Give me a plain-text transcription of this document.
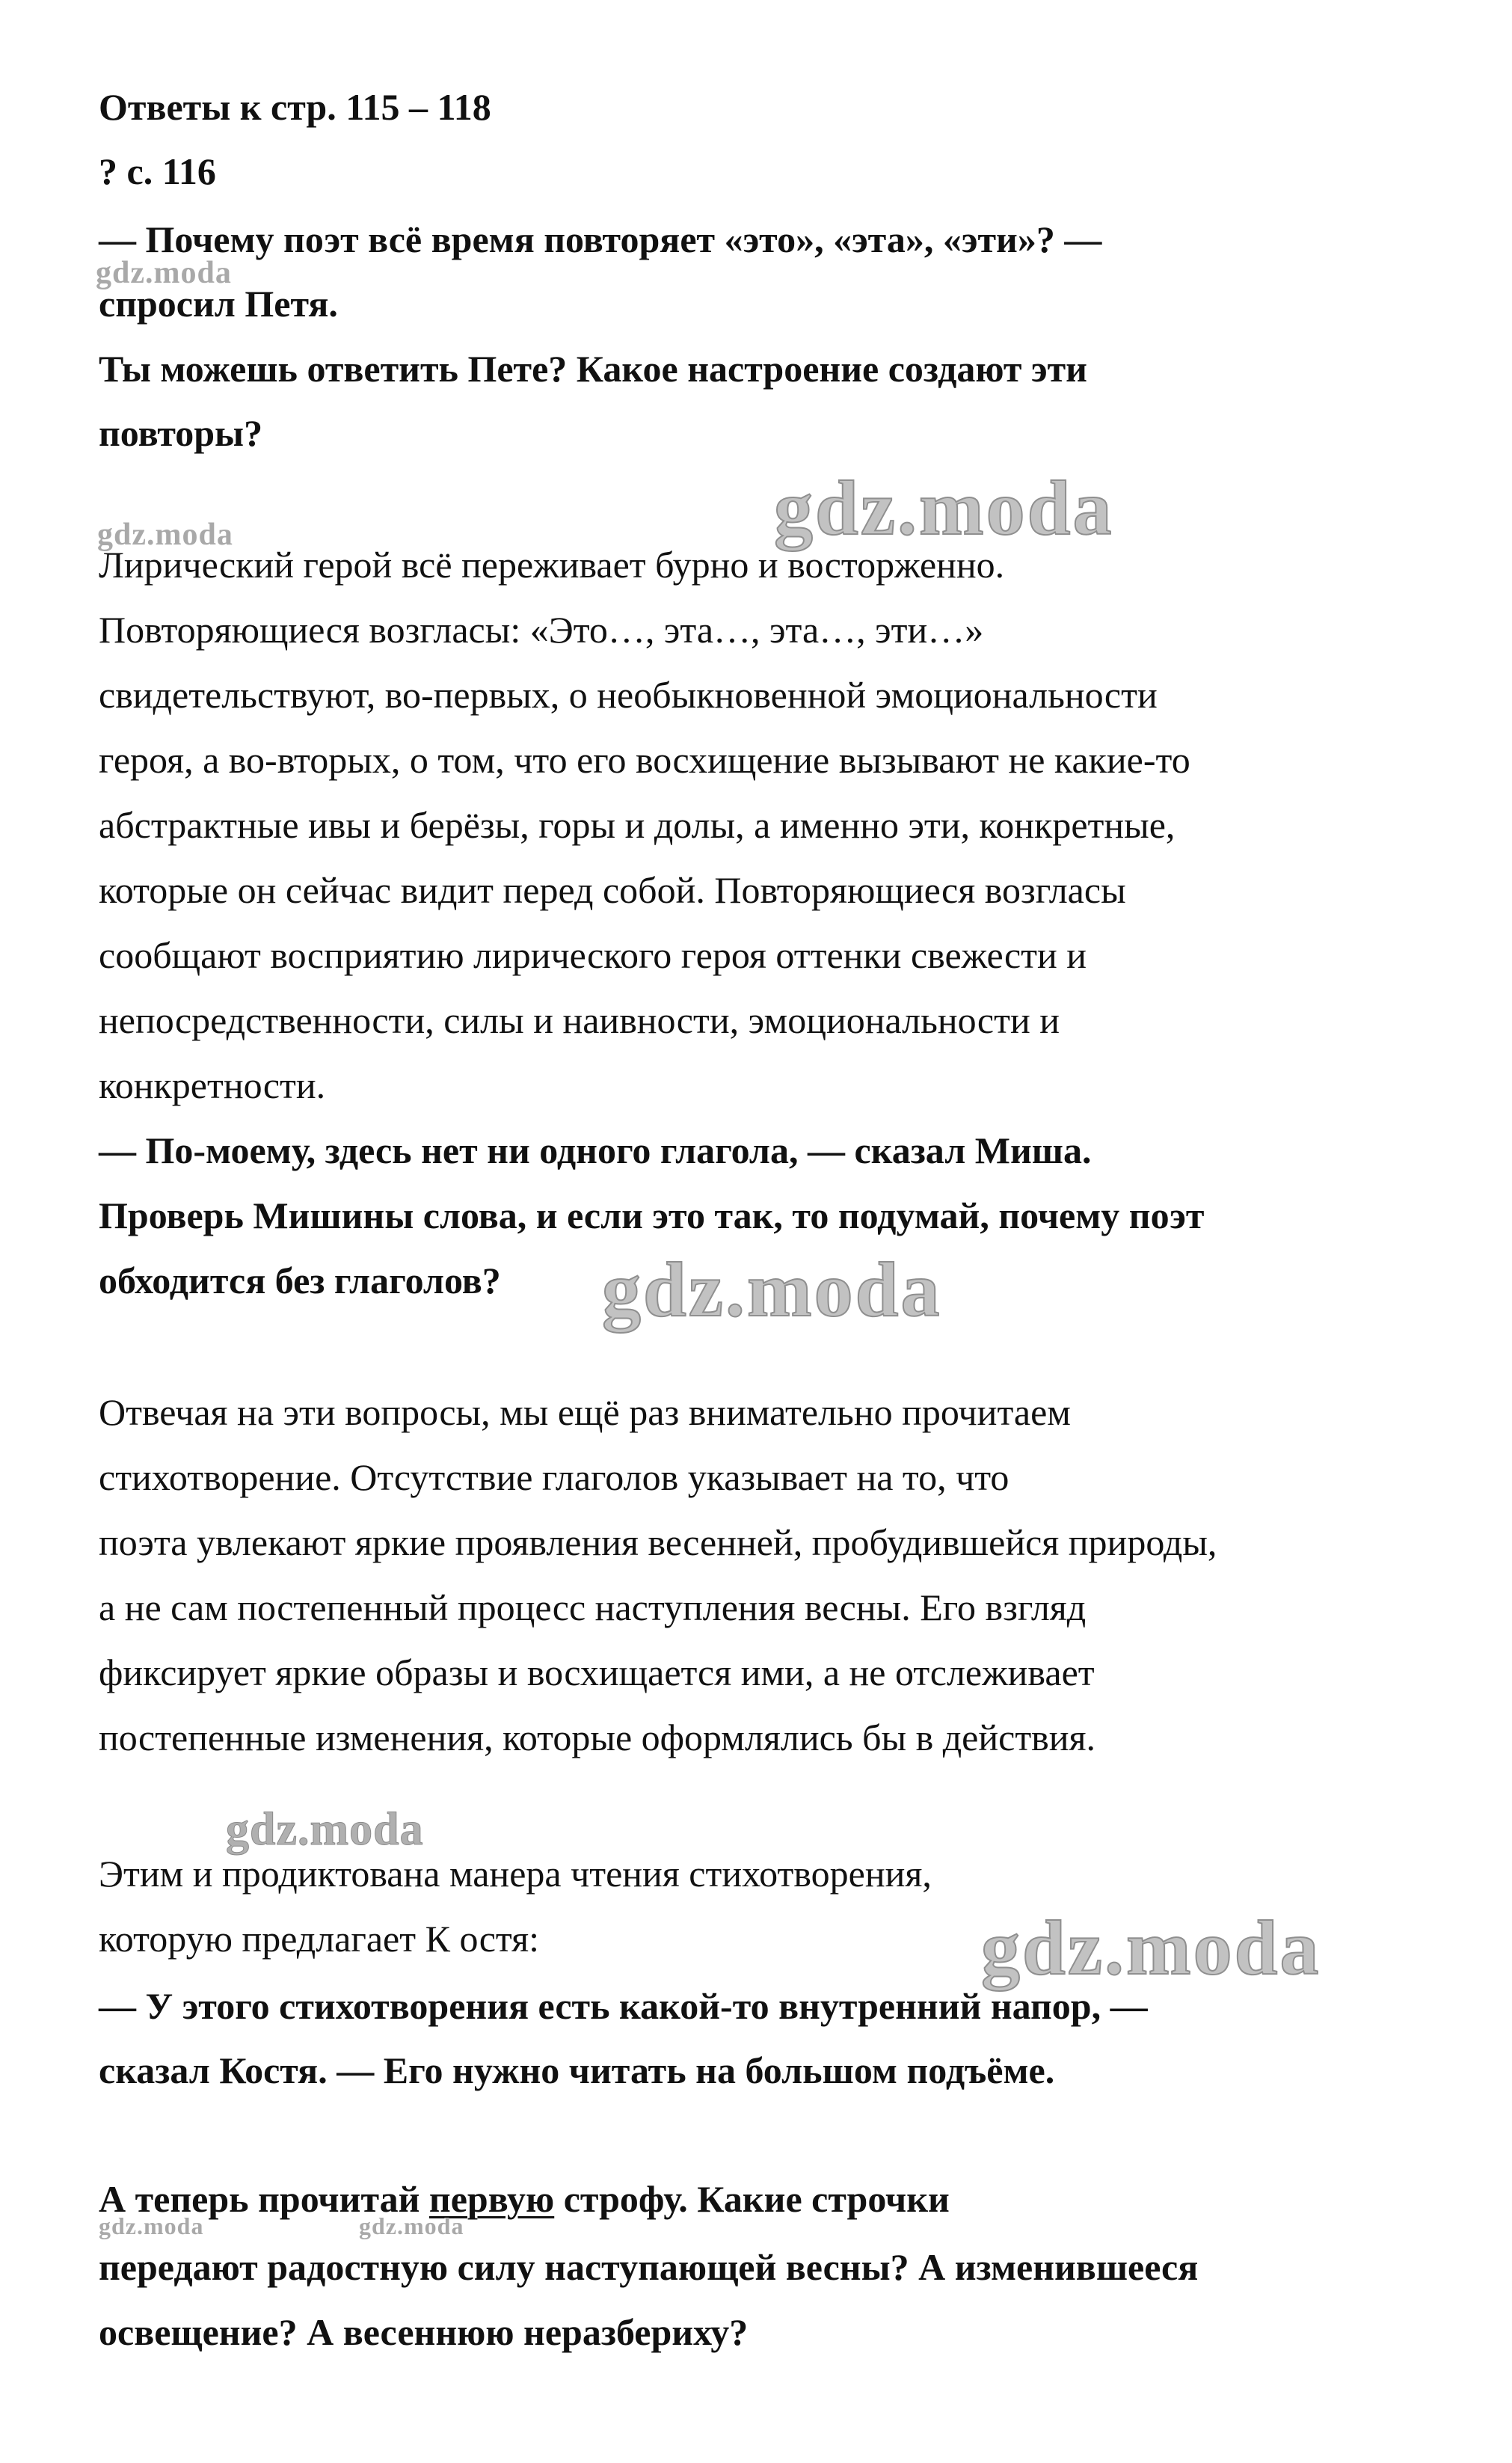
Ответы к стр. 115 – 118
? с. 116
— Почему поэт всё время повторяет «это», «эта», «эти»? —
спросил Петя.
Ты можешь ответить Пете? Какое настроение создают эти
повторы?
Лирический герой всё переживает бурно и восторженно.
Повторяющиеся возгласы: «Это…, эта…, эта…, эти…»
свидетельствуют, во-первых, о необыкновенной эмоциональности
героя, а во-вторых, о том, что его восхищение вызывают не какие-то
абстрактные ивы и берёзы, горы и долы, а именно эти, конкретные,
которые он сейчас видит перед собой. Повторяющиеся возгласы
сообщают восприятию лирического героя оттенки свежести и
непосредственности, силы и наивности, эмоциональности и
конкретности.
— По-моему, здесь нет ни одного глагола, — сказал Миша.
Проверь Мишины слова, и если это так, то подумай, почему поэт
обходится без глаголов?
Отвечая на эти вопросы, мы ещё раз внимательно прочитаем
стихотворение. Отсутствие глаголов указывает на то, что
поэта увлекают яркие проявления весенней, пробудившейся природы,
а не сам постепенный процесс наступления весны. Его взгляд
фиксирует яркие образы и восхищается ими, а не отслеживает
постепенные изменения, которые оформлялись бы в действия.
Этим и продиктована манера чтения стихотворения,
которую предлагает К остя:
— У этого стихотворения есть какой-то внутренний напор, —
сказал Костя. — Его нужно читать на большом подъёме.
А теперь прочитай первую строфу. Какие строчки
передают радостную силу наступающей весны? А изменившееся
освещение? А весеннюю неразбериху?
gdz.moda
gdz.moda	gdz.moda
gdz.moda
gdz.moda
gdz.moda
gdz.moda	gdz.moda
